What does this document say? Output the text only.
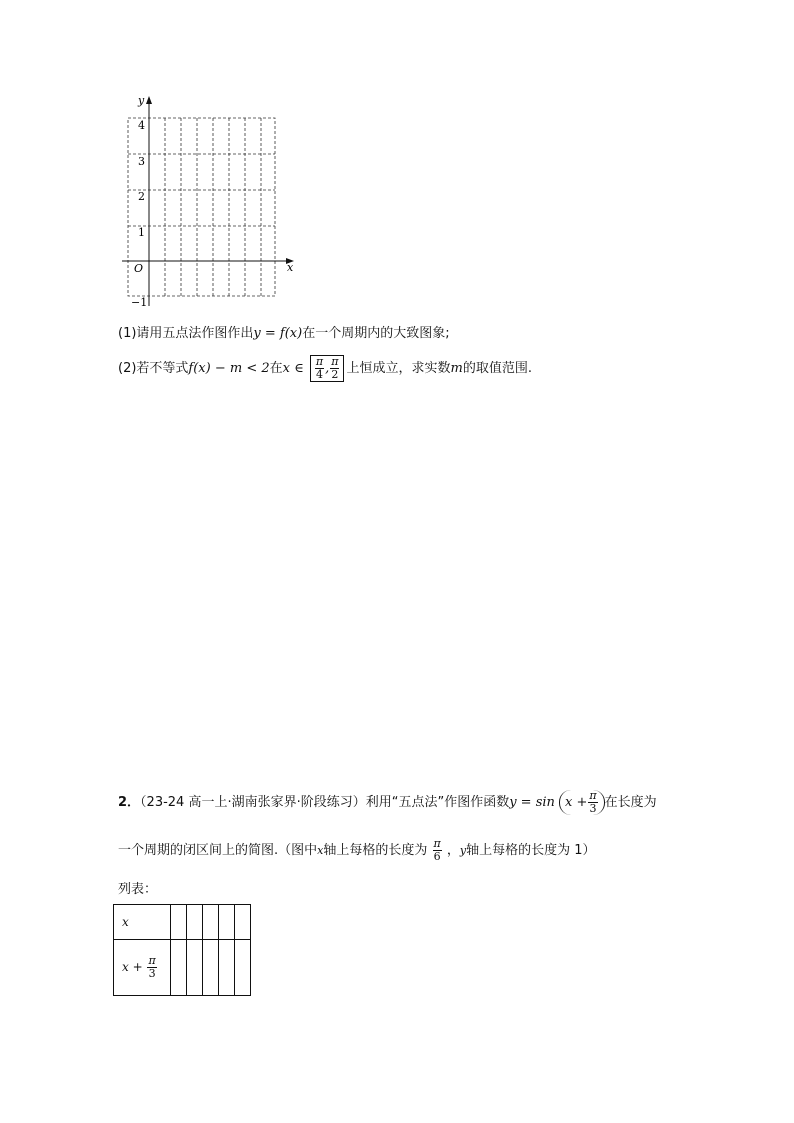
y
x
O
4
3
2
1
−1
(1)请用五点法作图作出y = f(x)在一个周期内的大致图象;
(2)若不等式f(x) − m < 2在x ∈ $\frac{\pi}{4}$ , $\frac{\pi}{2}$ 上恒成立，求实数m的取值范围.
2．（23-24 高一上·湖南张家界·阶段练习）利用“五点法”作图作函数$y = \sin x + \frac{\pi}{3}$ 在长度为
一个周期的闭区间上的简图.（图中x轴上每格的长度为 $\frac{\pi}{6}$ ，y轴上每格的长度为 1）
列表：
x					
$x + \frac{\pi}{3}$
